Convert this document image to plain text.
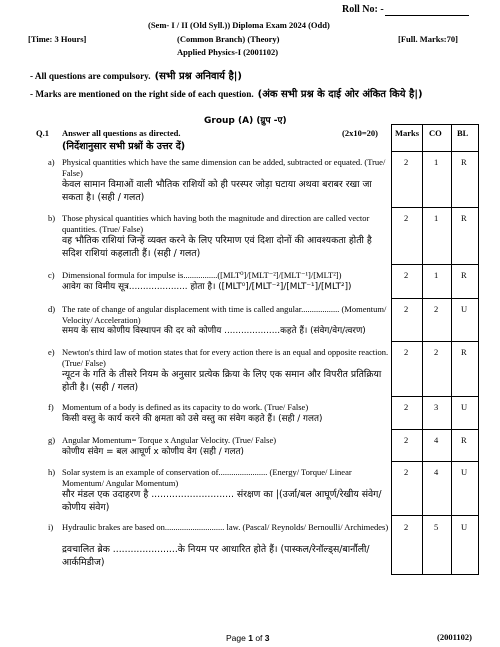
Roll No: -
(Sem- I / II (Old Syll.)) Diploma Exam 2024 (Odd)
[Time: 3 Hours]	(Common Branch) (Theory)	[Full. Marks:70]
Applied Physics-I (2001102)
- All questions are compulsory. (सभी प्रश्न अनिवार्य है|)
- Marks are mentioned on the right side of each question. (अंक सभी प्रश्न के दाई ओर अंकित किये है|)
Group (A) (ग्रुप -ए)
Q.1 Answer all questions as directed.
(निर्देशानुसार सभी प्रश्नों के उत्तर दें)
(2x10=20) Marks CO BL
a) Physical quantities which have the same dimension can be added, subtracted or equated. (True/ False)
केवल सामान विमाओं वाली भौतिक राशियों को ही परस्पर जोड़ा घटाया अथवा बराबर रखा जा सकता है। (सही / गलत)
2	1	R
b) Those physical quantities which having both the magnitude and direction are called vector quantities. (True/ False)
वह भौतिक राशियां जिन्हें व्यक्त करने के लिए परिमाण एवं दिशा दोनों की आवश्यकता होती है सदिश राशियां कहलाती हैं। (सही / गलत)
2	1	R
c) Dimensional formula for impulse is................([MLT⁰]/[MLT⁻²]/[MLT⁻¹]/[MLT²])
आवेग का विमीय सूत्र..................... होता है। ([MLT⁰]/[MLT⁻²]/[MLT⁻¹]/[MLT²])
2	1	R
d) The rate of change of angular displacement with time is called angular.................. (Momentum/ Velocity/ Acceleration)
समय के साथ कोणीय विस्थापन की दर को कोणीय ....................कहते हैं। (संवेग/वेग/त्वरण)
2	2	U
e) Newton's third law of motion states that for every action there is an equal and opposite reaction. (True/ False)
न्यूटन के गति के तीसरे नियम के अनुसार प्रत्येक क्रिया के लिए एक समान और विपरीत प्रतिक्रिया होती है। (सही / गलत)
2	2	R
f) Momentum of a body is defined as its capacity to do work. (True/ False)
किसी वस्तु के कार्य करने की क्षमता को उसे वस्तु का संवेग कहते हैं। (सही / गलत)
2	3	U
g) Angular Momentum= Torque x Angular Velocity. (True/ False)
कोणीय संवेग = बल आघूर्ण x कोणीय वेग (सही / गलत)
2	4	R
h) Solar system is an example of conservation of....................... (Energy/ Torque/ Linear Momentum/ Angular Momentum)
सौर मंडल एक उदाहरण है ............................ संरक्षण का |(उर्जा/बल आघूर्ण/रेखीय संवेग/कोणीय संवेग)
2	4	U
i) Hydraulic brakes are based on............................ law. (Pascal/ Reynolds/ Bernoulli/ Archimedes)
द्रवचालित ब्रेक ......................के नियम पर आधारित होते हैं। (पास्कल/रेनॉल्ड्स/बार्नौली/ आर्कमिडीज)
2	5	U
Page 1 of 3	(2001102)
